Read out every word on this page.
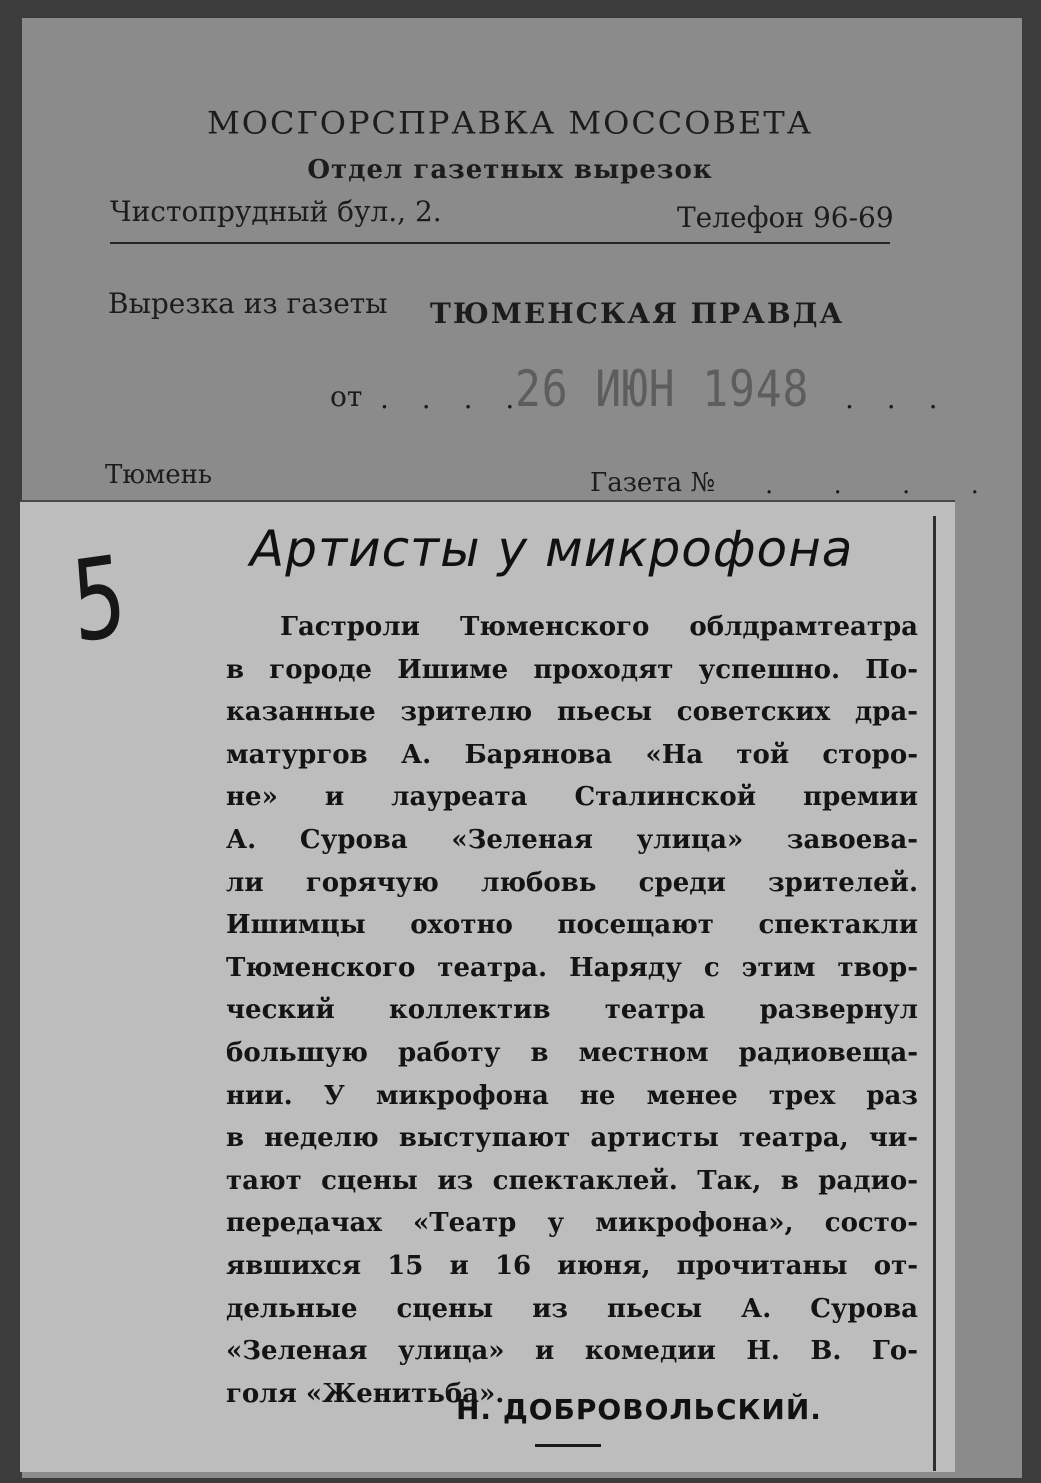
МОСГОРСПРАВКА МОССОВЕТА
Отдел газетных вырезок
Чистопрудный бул., 2.	Телефон 96-69
Вырезка из газеты ТЮМЕНСКАЯ ПРАВДА
от . . . .
26 ИЮН 1948 . . .
Тюмень	Газета № . . . .
5 Артисты у микрофона
Гастроли Тюменского облдрамтеатра
в городе Ишиме проходят успешно. По-
казанные зрителю пьесы советских дра-
матургов А. Барянова «На той сторо-
не» и лауреата Сталинской премии
А. Сурова «Зеленая улица» завоева-
ли горячую любовь среди зрителей.
Ишимцы охотно посещают спектакли
Тюменского театра. Наряду с этим твор-
ческий коллектив театра развернул
большую работу в местном радиовеща-
нии. У микрофона не менее трех раз
в неделю выступают артисты театра, чи-
тают сцены из спектаклей. Так, в радио-
передачах «Театр у микрофона», состо-
явшихся 15 и 16 июня, прочитаны от-
дельные сцены из пьесы А. Сурова
«Зеленая улица» и комедии Н. В. Го-
голя «Женитьба».
Н. ДОБРОВОЛЬСКИЙ.
